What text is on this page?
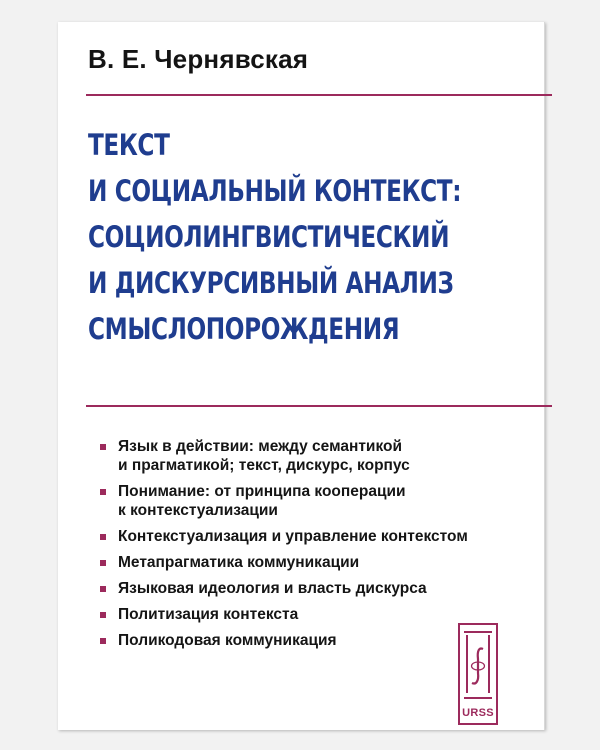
В. Е. Чернявская
ТЕКСТ
И СОЦИАЛЬНЫЙ КОНТЕКСТ:
СОЦИОЛИНГВИСТИЧЕСКИЙ
И ДИСКУРСИВНЫЙ АНАЛИЗ
СМЫСЛОПОРОЖДЕНИЯ
Язык в действии: между семантикой
и прагматикой; текст, дискурс, корпус
Понимание: от принципа кооперации
к контекстуализации
Контекстуализация и управление контекстом
Метапрагматика коммуникации
Языковая идеология и власть дискурса
Политизация контекста
Поликодовая коммуникация
URSS
